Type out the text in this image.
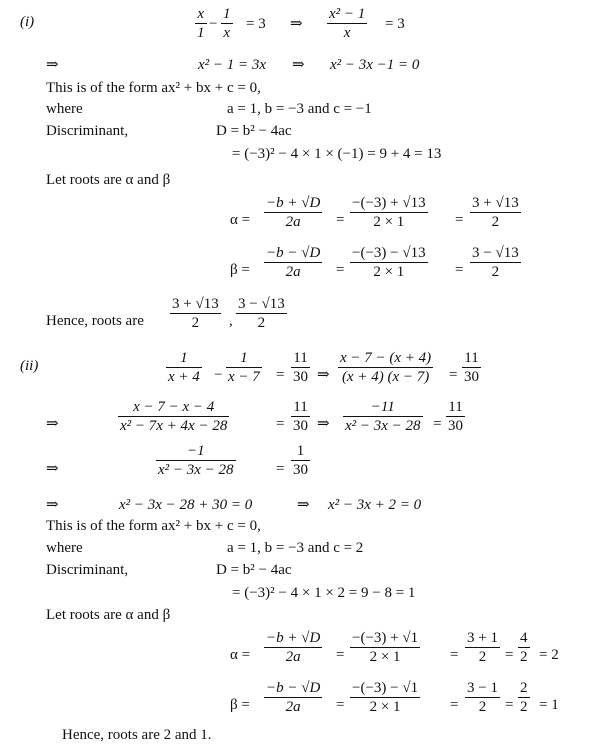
(i)	$\frac{x}{1} - \frac{1}{x} = 3$ ⇒ $\frac{\text{x² − 1}}{x} = 3$
⇒	x² − 1 = 3x ⇒ x² − 3x −1 = 0
This is of the form ax² + bx + c = 0,
where	a = 1, b = −3 and c = −1
Discriminant,	D = b² − 4ac
= (−3)² − 4 × 1 × (−1) = 9 + 4 = 13
Let roots are α and β
$\alpha = \frac{-b + √D}{2a} = \frac{-(-3) + √13}{2 \times 1} = \frac{3 + √13}{2}$
$\beta = \frac{-b - √D}{2a} = \frac{-(-3) - √13}{2 \times 1} = \frac{3 - √13}{2}$
Hence, roots are $\frac{3 + √13}{2}$ , $\frac{3 - √13}{2}$
(ii)	$\frac{1}{x + 4} - \frac{1}{x - 7} = \frac{11}{30}$ ⇒ $\frac{x - 7 - (x + 4)}{(x + 4) (x - 7)} = \frac{11}{30}$
⇒	$\frac{x - 7 - x - 4}{\text{x² − 7x + 4x − 28}}$	= $\frac{11}{30}$ ⇒ $\frac{-11}{\text{x² − 3x − 28}} = \frac{11}{30}$
⇒	$\frac{-1}{\text{x² − 3x − 28}}$	= $\frac{1}{30}$
⇒	x² − 3x − 28 + 30 = 0	⇒ x² − 3x + 2 = 0
This is of the form ax² + bx + c = 0,
where	a = 1, b = −3 and c = 2
Discriminant,	D = b² − 4ac
= (−3)² − 4 × 1 × 2 = 9 − 8 = 1
Let roots are α and β
$\alpha = \frac{-b + √D}{2a} = \frac{-(-3) + √1}{2 \times 1} = \frac{3 + 1}{2} = \frac{4}{2} = 2$
$\beta = \frac{-b - √D}{2a} = \frac{-(-3) - √1}{2 \times 1} = \frac{3 - 1}{2} = \frac{2}{2} = 1$
Hence, roots are 2 and 1.
